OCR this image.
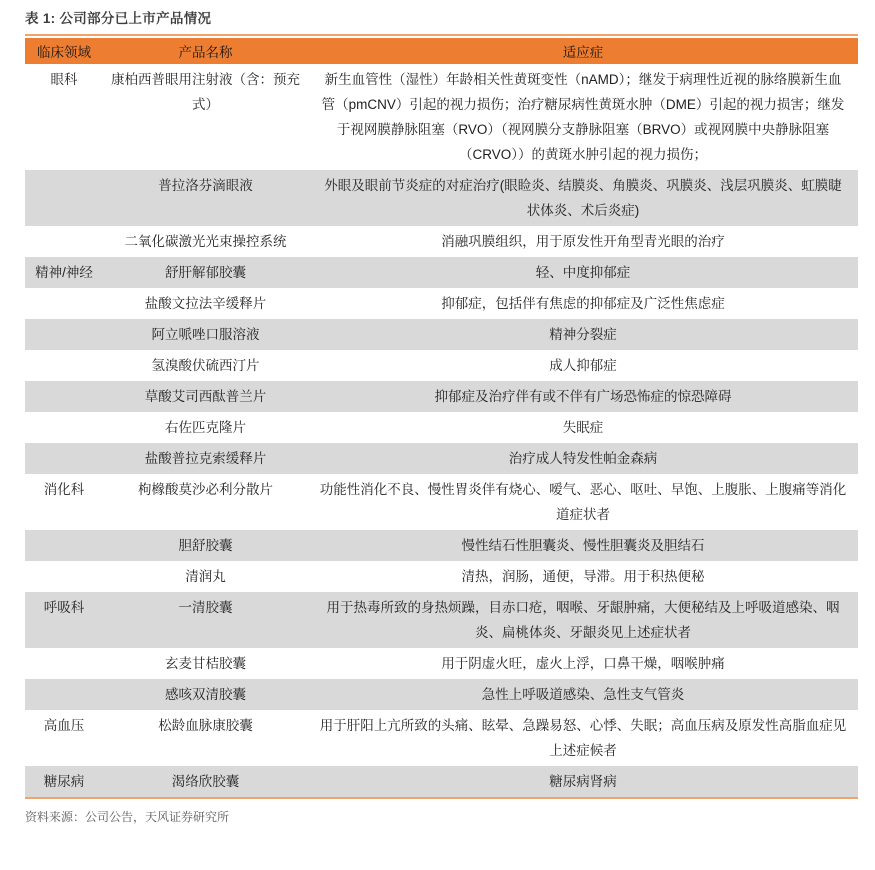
表 1: 公司部分已上市产品情况
临床领域	产品名称	适应症
眼科	康柏西普眼用注射液（含：预充式）	新生血管性（湿性）年龄相关性黄斑变性（nAMD）；继发于病理性近视的脉络膜新生血管（pmCNV）引起的视力损伤；治疗糖尿病性黄斑水肿（DME）引起的视力损害；继发于视网膜静脉阻塞（RVO）（视网膜分支静脉阻塞（BRVO）或视网膜中央静脉阻塞（CRVO））的黄斑水肿引起的视力损伤；
	普拉洛芬滴眼液	外眼及眼前节炎症的对症治疗(眼睑炎、结膜炎、角膜炎、巩膜炎、浅层巩膜炎、虹膜睫状体炎、术后炎症)
	二氧化碳激光光束操控系统	消融巩膜组织，用于原发性开角型青光眼的治疗
精神/神经	舒肝解郁胶囊	轻、中度抑郁症
	盐酸文拉法辛缓释片	抑郁症，包括伴有焦虑的抑郁症及广泛性焦虑症
	阿立哌唑口服溶液	精神分裂症
	氢溴酸伏硫西汀片	成人抑郁症
	草酸艾司西酞普兰片	抑郁症及治疗伴有或不伴有广场恐怖症的惊恐障碍
	右佐匹克隆片	失眠症
	盐酸普拉克索缓释片	治疗成人特发性帕金森病
消化科	枸橼酸莫沙必利分散片	功能性消化不良、慢性胃炎伴有烧心、嗳气、恶心、呕吐、早饱、上腹胀、上腹痛等消化道症状者
	胆舒胶囊	慢性结石性胆囊炎、慢性胆囊炎及胆结石
	清润丸	清热，润肠，通便，导滞。用于积热便秘
呼吸科	一清胶囊	用于热毒所致的身热烦躁，目赤口疮，咽喉、牙龈肿痛，大便秘结及上呼吸道感染、咽炎、扁桃体炎、牙龈炎见上述症状者
	玄麦甘桔胶囊	用于阴虚火旺，虚火上浮，口鼻干燥，咽喉肿痛
	感咳双清胶囊	急性上呼吸道感染、急性支气管炎
高血压	松龄血脉康胶囊	用于肝阳上亢所致的头痛、眩晕、急躁易怒、心悸、失眠；高血压病及原发性高脂血症见上述症候者
糖尿病	渴络欣胶囊	糖尿病肾病
资料来源：公司公告，天风证券研究所
